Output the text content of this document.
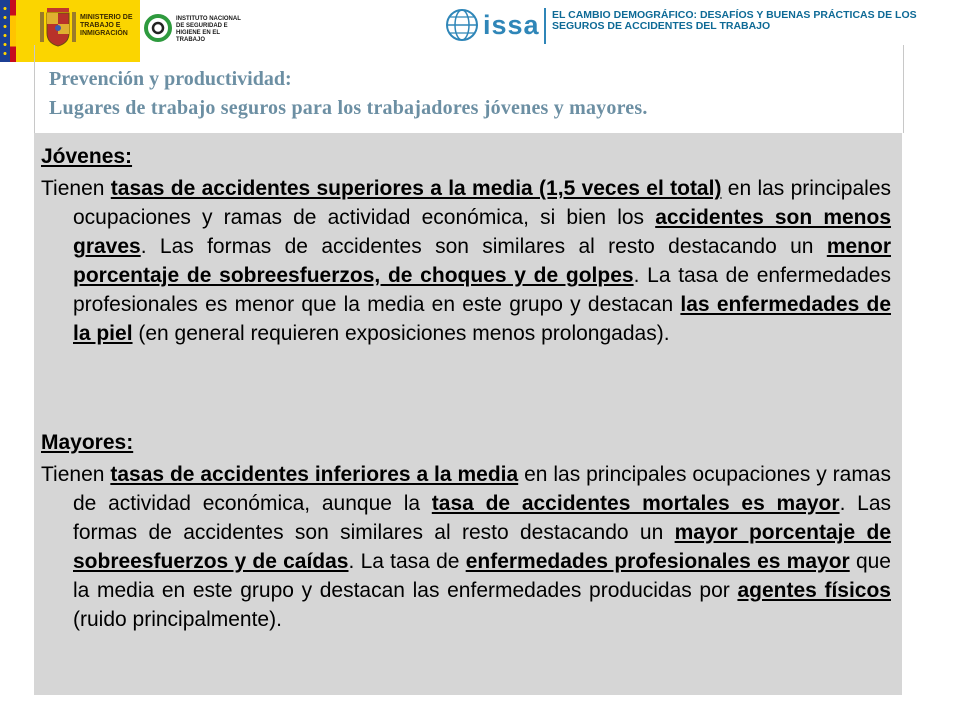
MINISTERIO DE TRABAJO E INMIGRACIÓN
INSTITUTO NACIONAL DE SEGURIDAD E HIGIENE EN EL TRABAJO	issa EL CAMBIO DEMOGRÁFICO: DESAFÍOS Y BUENAS PRÁCTICAS DE LOS SEGUROS DE ACCIDENTES DEL TRABAJO
Prevención y productividad:
Lugares de trabajo seguros para los trabajadores jóvenes y mayores.
Jóvenes:
Tienen tasas de accidentes superiores a la media (1,5 veces el total) en las principales ocupaciones y ramas de actividad económica, si bien los accidentes son menos graves. Las formas de accidentes son similares al resto destacando un menor porcentaje de sobreesfuerzos, de choques y de golpes. La tasa de enfermedades profesionales es menor que la media en este grupo y destacan las enfermedades de la piel (en general requieren exposiciones menos prolongadas).
Mayores:
Tienen tasas de accidentes inferiores a la media en las principales ocupaciones y ramas de actividad económica, aunque la tasa de accidentes mortales es mayor. Las formas de accidentes son similares al resto destacando un mayor porcentaje de sobreesfuerzos y de caídas. La tasa de enfermedades profesionales es mayor que la media en este grupo y destacan las enfermedades producidas por agentes físicos (ruido principalmente).
